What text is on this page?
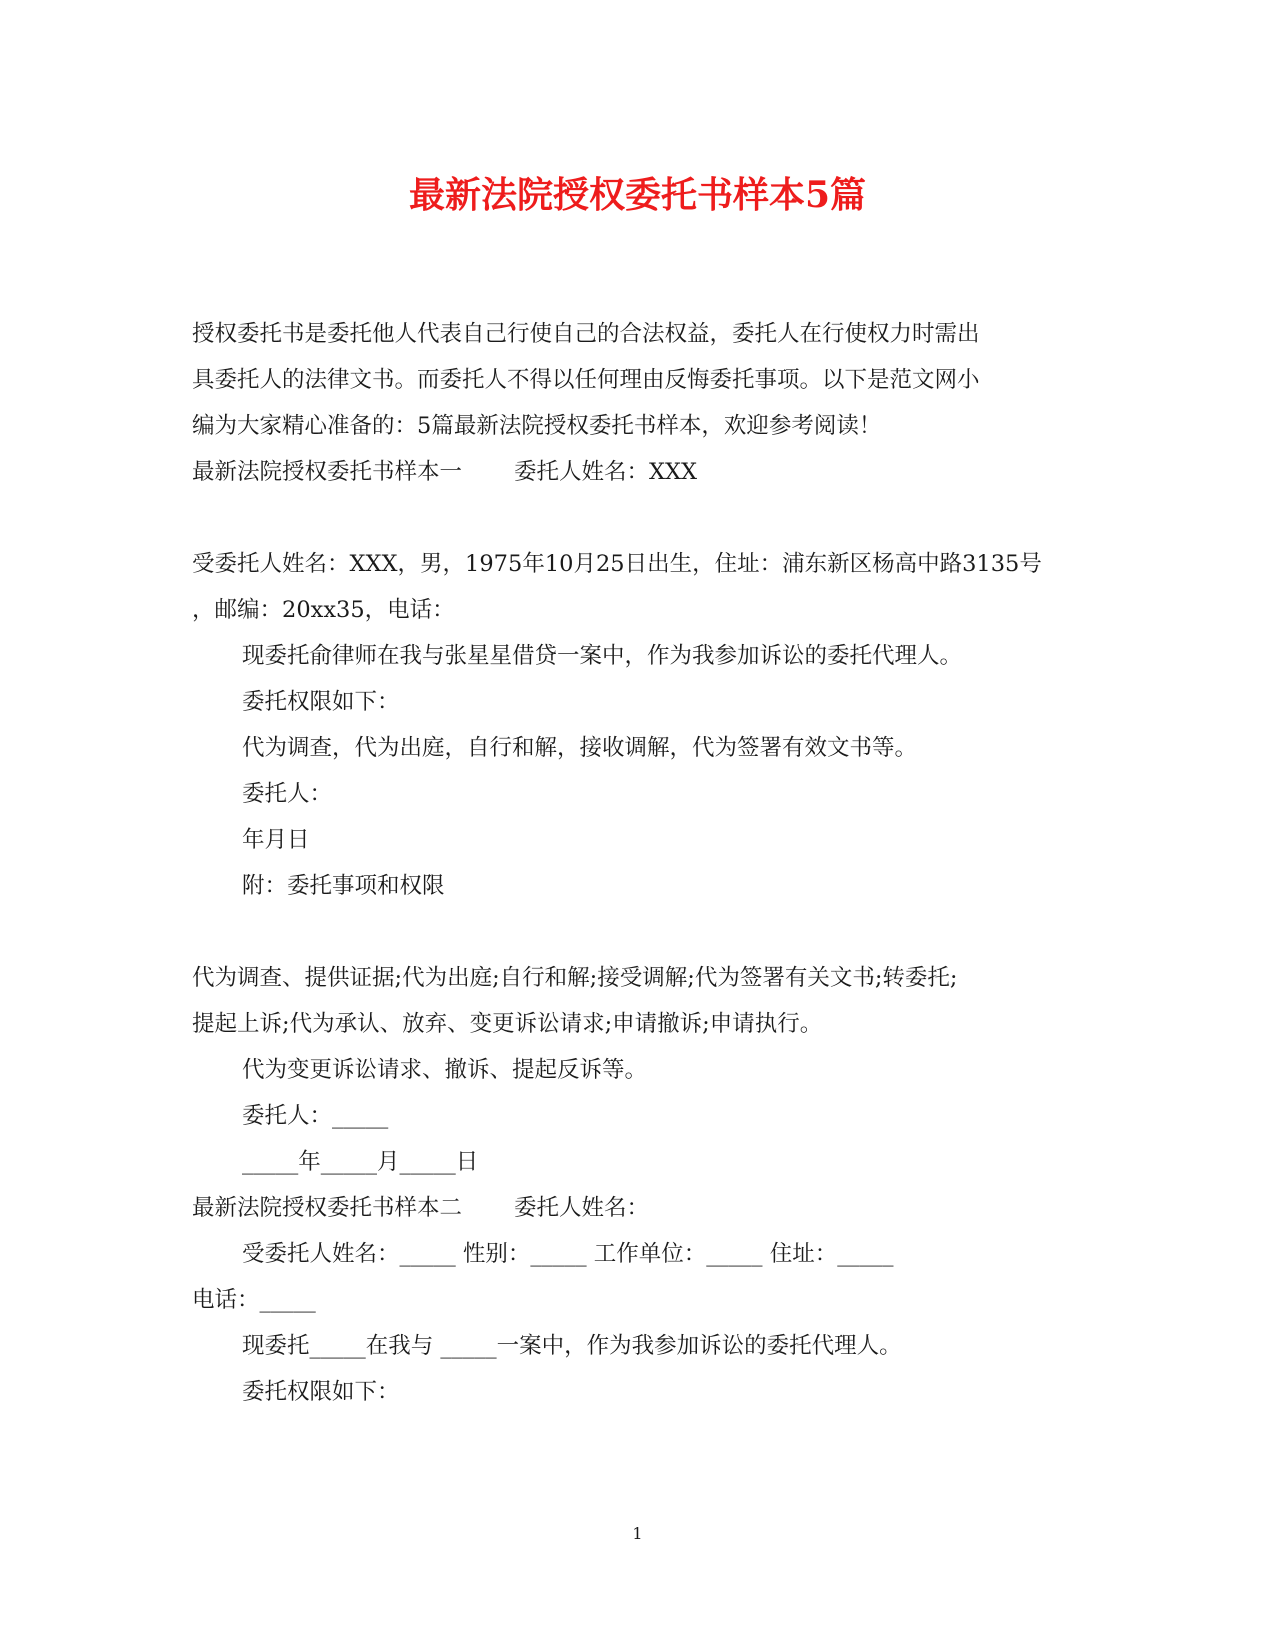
最新法院授权委托书样本5篇
授权委托书是委托他人代表自己行使自己的合法权益，委托人在行使权力时需出
具委托人的法律文书。而委托人不得以任何理由反悔委托事项。以下是范文网小
编为大家精心准备的：5篇最新法院授权委托书样本，欢迎参考阅读！
最新法院授权委托书样本一 委托人姓名：XXX
受委托人姓名：XXX，男，1975年10月25日出生，住址：浦东新区杨高中路3135号
，邮编：20xx35，电话：
现委托俞律师在我与张星星借贷一案中，作为我参加诉讼的委托代理人。
委托权限如下：
代为调查，代为出庭，自行和解，接收调解，代为签署有效文书等。
委托人：
年月日
附：委托事项和权限
代为调查、提供证据;代为出庭;自行和解;接受调解;代为签署有关文书;转委托;
提起上诉;代为承认、放弃、变更诉讼请求;申请撤诉;申请执行。
代为变更诉讼请求、撤诉、提起反诉等。
委托人：_____
_____年_____月_____日
最新法院授权委托书样本二 委托人姓名：
受委托人姓名：_____ 性别：_____ 工作单位：_____ 住址：_____
电话：_____
现委托_____在我与 _____一案中，作为我参加诉讼的委托代理人。
委托权限如下：
1
